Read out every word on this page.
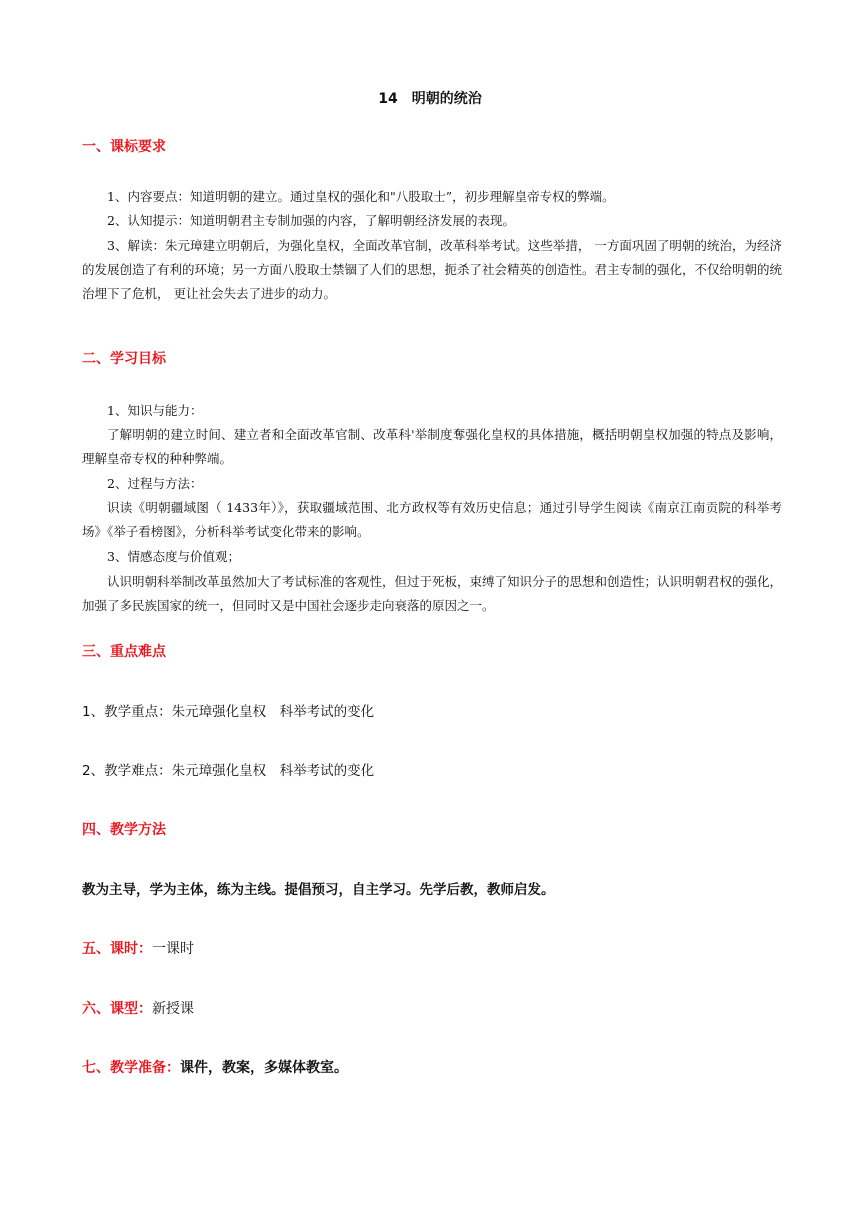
14　明朝的统治
一、课标要求
1、内容要点：知道明朝的建立。通过皇权的强化和"八股取士”，初步理解皇帝专权的弊端。
2、认知提示：知道明朝君主专制加强的内容，了解明朝经济发展的表现。
3、解读：朱元璋建立明朝后，为强化皇权，全面改革官制，改革科举考试。这些举措， 一方面巩固了明朝的统治，为经济的发展创造了有利的环境；另一方面八股取士禁锢了人们的思想，扼杀了社会精英的创造性。君主专制的强化，不仅给明朝的统治埋下了危机， 更让社会失去了进步的动力。
二、学习目标
1、知识与能力：
了解明朝的建立时间、建立者和全面改革官制、改革科'举制度奪强化皇权的具体措施，概括明朝皇权加强的特点及影响，理解皇帝专权的种种弊端。
2、过程与方法：
识读《明朝疆域图（ 1433年）》，获取疆域范围、北方政权等有效历史信息；通过引导学生阅读《南京江南贡院的科举考场》《举子看榜图》，分析科举考试变化带来的影响。
3、情感态度与价值观；
认识明朝科举制改革虽然加大了考试标准的客观性，但过于死板，束缚了知识分子的思想和创造性；认识明朝君权的强化，加强了多民族国家的统一，但同时又是中国社会逐步走向衰落的原因之一。
三、重点难点
1、教学重点：朱元璋强化皇权　科举考试的变化
2、教学难点：朱元璋强化皇权　科举考试的变化
四、教学方法
教为主导，学为主体，练为主线。提倡预习，自主学习。先学后教，教师启发。
五、课时：一课时
六、课型：新授课
七、教学准备：课件，教案，多媒体教室。
